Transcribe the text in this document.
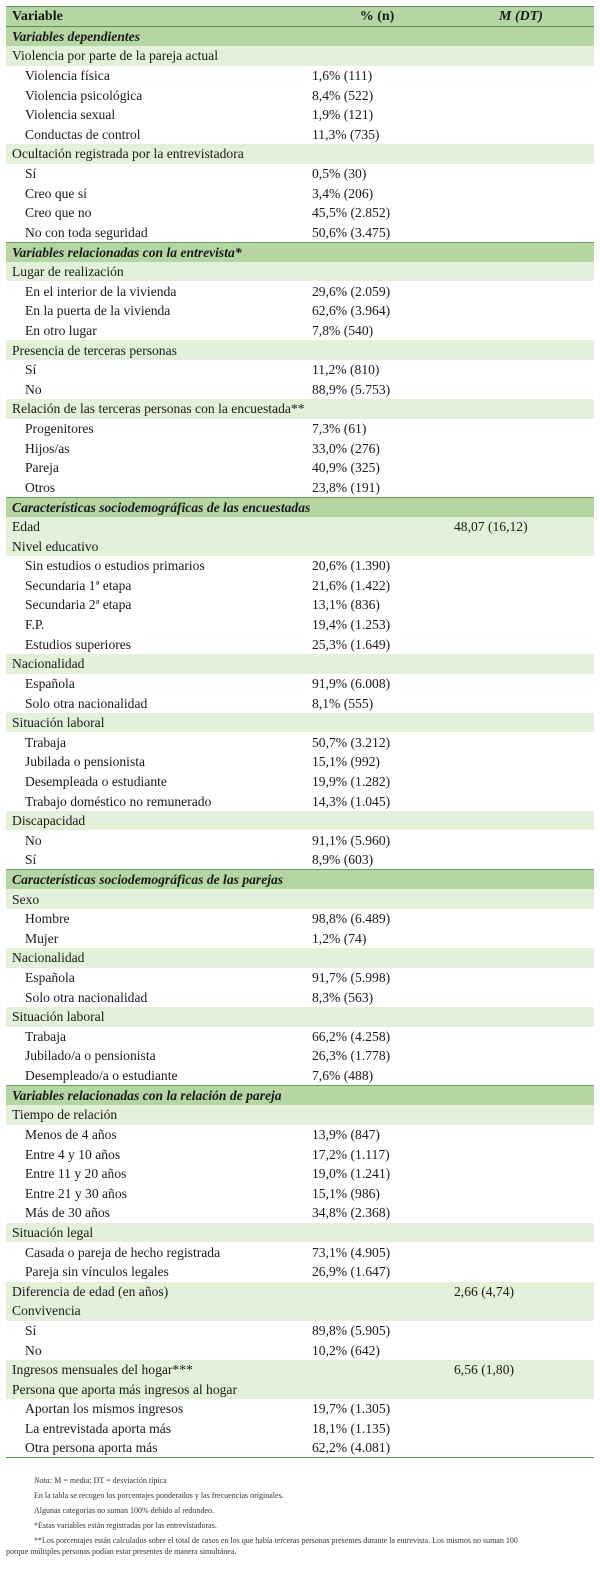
Variable	% (n)	M (DT)
Variables dependientes		
Violencia por parte de la pareja actual		
Violencia física	1,6% (111)	
Violencia psicológica	8,4% (522)	
Violencia sexual	1,9% (121)	
Conductas de control	11,3% (735)	
Ocultación registrada por la entrevistadora		
Sí	0,5% (30)	
Creo que sí	3,4% (206)	
Creo que no	45,5% (2.852)	
No con toda seguridad	50,6% (3.475)	
Variables relacionadas con la entrevista*		
Lugar de realización		
En el interior de la vivienda	29,6% (2.059)	
En la puerta de la vivienda	62,6% (3.964)	
En otro lugar	7,8% (540)	
Presencia de terceras personas		
Sí	11,2% (810)	
No	88,9% (5.753)	
Relación de las terceras personas con la encuestada**		
Progenitores	7,3% (61)	
Hijos/as	33,0% (276)	
Pareja	40,9% (325)	
Otros	23,8% (191)	
Características sociodemográficas de las encuestadas		
Edad		48,07 (16,12)
Nivel educativo		
Sin estudios o estudios primarios	20,6% (1.390)	
Secundaria 1ª etapa	21,6% (1.422)	
Secundaria 2ª etapa	13,1% (836)	
F.P.	19,4% (1.253)	
Estudios superiores	25,3% (1.649)	
Nacionalidad		
Española	91,9% (6.008)	
Solo otra nacionalidad	8,1% (555)	
Situación laboral		
Trabaja	50,7% (3.212)	
Jubilada o pensionista	15,1% (992)	
Desempleada o estudiante	19,9% (1.282)	
Trabajo doméstico no remunerado	14,3% (1.045)	
Discapacidad		
No	91,1% (5.960)	
Sí	8,9% (603)	
Características sociodemográficas de las parejas		
Sexo		
Hombre	98,8% (6.489)	
Mujer	1,2% (74)	
Nacionalidad		
Española	91,7% (5.998)	
Solo otra nacionalidad	8,3% (563)	
Situación laboral		
Trabaja	66,2% (4.258)	
Jubilado/a o pensionista	26,3% (1.778)	
Desempleado/a o estudiante	7,6% (488)	
Variables relacionadas con la relación de pareja		
Tiempo de relación		
Menos de 4 años	13,9% (847)	
Entre 4 y 10 años	17,2% (1.117)	
Entre 11 y 20 años	19,0% (1.241)	
Entre 21 y 30 años	15,1% (986)	
Más de 30 años	34,8% (2.368)	
Situación legal		
Casada o pareja de hecho registrada	73,1% (4.905)	
Pareja sin vínculos legales	26,9% (1.647)	
Diferencia de edad (en años)		2,66 (4,74)
Convivencia		
Sí	89,8% (5.905)	
No	10,2% (642)	
Ingresos mensuales del hogar***		6,56 (1,80)
Persona que aporta más ingresos al hogar		
Aportan los mismos ingresos	19,7% (1.305)	
La entrevistada aporta más	18,1% (1.135)	
Otra persona aporta más	62,2% (4.081)	

Nota: M = media; DT = desviación típica

En la tabla se recogen los porcentajes ponderados y las frecuencias originales.

Algunas categorías no suman 100% debido al redondeo.

*Estas variables están registradas por las entrevistadoras.

**Los porcentajes están calculados sobre el total de casos en los que había terceras personas presentes durante la entrevista. Los mismos no suman 100

porque múltiples personas podían estar presentes de manera simultánea.
